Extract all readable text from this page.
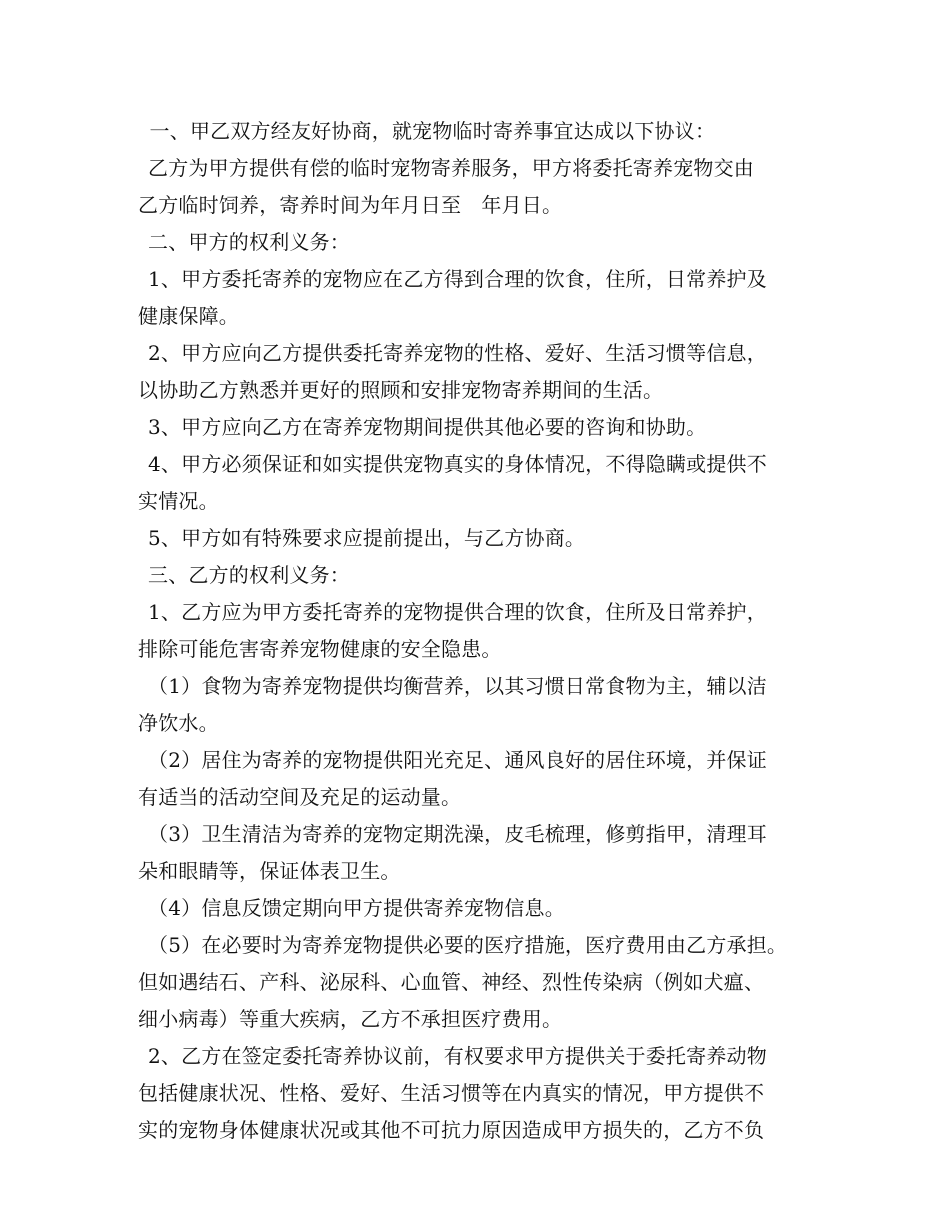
一、甲乙双方经友好协商，就宠物临时寄养事宜达成以下协议：
乙方为甲方提供有偿的临时宠物寄养服务，甲方将委托寄养宠物交由
乙方临时饲养，寄养时间为年月日至　年月日。
二、甲方的权利义务：
1、甲方委托寄养的宠物应在乙方得到合理的饮食，住所，日常养护及
健康保障。
2、甲方应向乙方提供委托寄养宠物的性格、爱好、生活习惯等信息，
以协助乙方熟悉并更好的照顾和安排宠物寄养期间的生活。
3、甲方应向乙方在寄养宠物期间提供其他必要的咨询和协助。
4、甲方必须保证和如实提供宠物真实的身体情况，不得隐瞒或提供不
实情况。
5、甲方如有特殊要求应提前提出，与乙方协商。
三、乙方的权利义务：
1、乙方应为甲方委托寄养的宠物提供合理的饮食，住所及日常养护，
排除可能危害寄养宠物健康的安全隐患。
（1）食物为寄养宠物提供均衡营养，以其习惯日常食物为主，辅以洁
净饮水。
（2）居住为寄养的宠物提供阳光充足、通风良好的居住环境，并保证
有适当的活动空间及充足的运动量。
（3）卫生清洁为寄养的宠物定期洗澡，皮毛梳理，修剪指甲，清理耳
朵和眼睛等，保证体表卫生。
（4）信息反馈定期向甲方提供寄养宠物信息。
（5）在必要时为寄养宠物提供必要的医疗措施，医疗费用由乙方承担。
但如遇结石、产科、泌尿科、心血管、神经、烈性传染病（例如犬瘟、
细小病毒）等重大疾病，乙方不承担医疗费用。
2、乙方在签定委托寄养协议前，有权要求甲方提供关于委托寄养动物
包括健康状况、性格、爱好、生活习惯等在内真实的情况，甲方提供不
实的宠物身体健康状况或其他不可抗力原因造成甲方损失的，乙方不负
